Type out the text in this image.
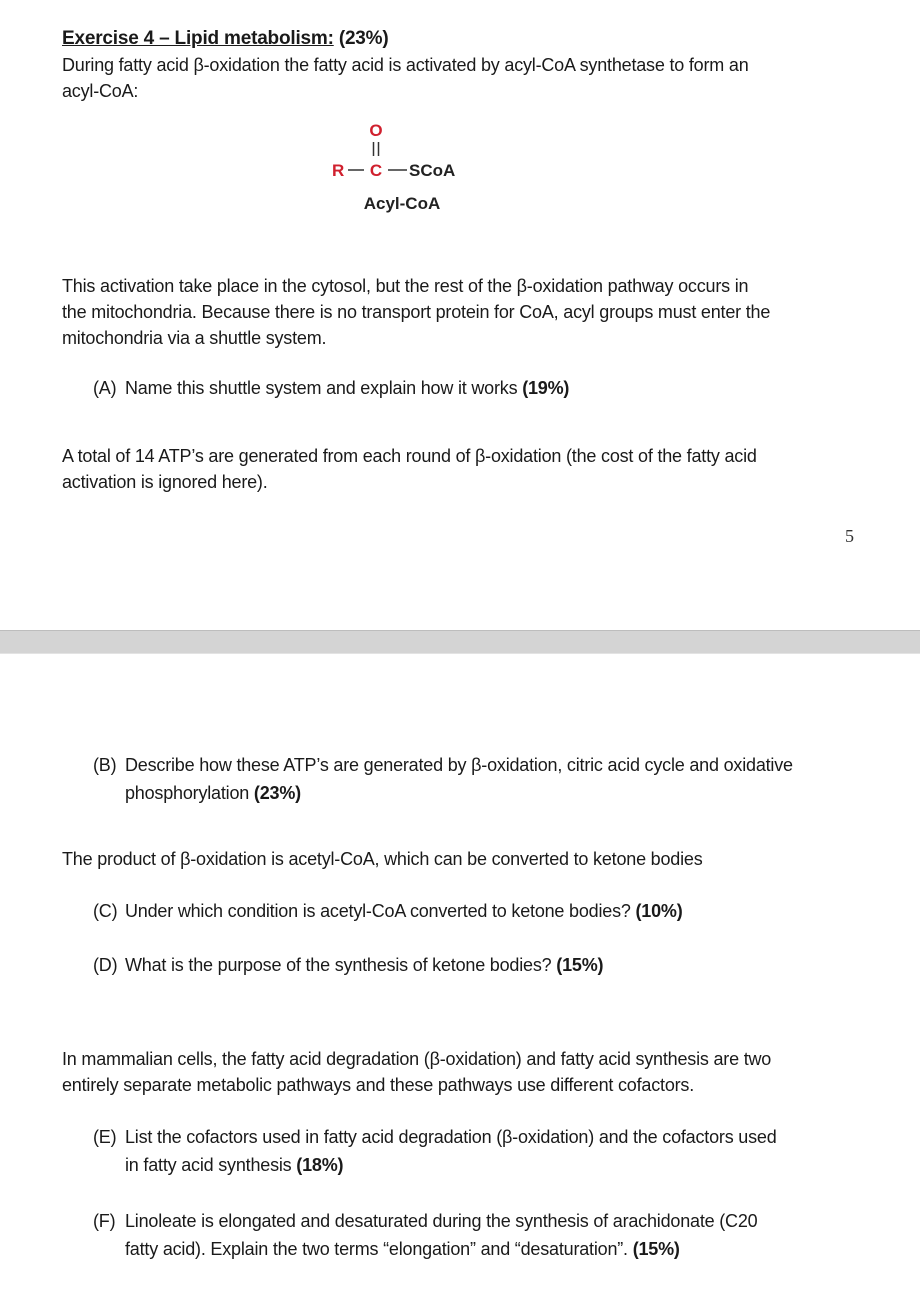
Exercise 4 – Lipid metabolism: (23%)
During fatty acid β-oxidation the fatty acid is activated by acyl-CoA synthetase to form an
acyl-CoA:
O
R C SCoA
Acyl-CoA
This activation take place in the cytosol, but the rest of the β-oxidation pathway occurs in
the mitochondria. Because there is no transport protein for CoA, acyl groups must enter the
mitochondria via a shuttle system.
(A) Name this shuttle system and explain how it works (19%)
A total of 14 ATP’s are generated from each round of β-oxidation (the cost of the fatty acid
activation is ignored here).
5
(B) Describe how these ATP’s are generated by β-oxidation, citric acid cycle and oxidative
phosphorylation (23%)
The product of β-oxidation is acetyl-CoA, which can be converted to ketone bodies
(C) Under which condition is acetyl-CoA converted to ketone bodies? (10%)
(D) What is the purpose of the synthesis of ketone bodies? (15%)
In mammalian cells, the fatty acid degradation (β-oxidation) and fatty acid synthesis are two
entirely separate metabolic pathways and these pathways use different cofactors.
(E) List the cofactors used in fatty acid degradation (β-oxidation) and the cofactors used
in fatty acid synthesis (18%)
(F) Linoleate is elongated and desaturated during the synthesis of arachidonate (C20
fatty acid). Explain the two terms “elongation” and “desaturation”. (15%)
